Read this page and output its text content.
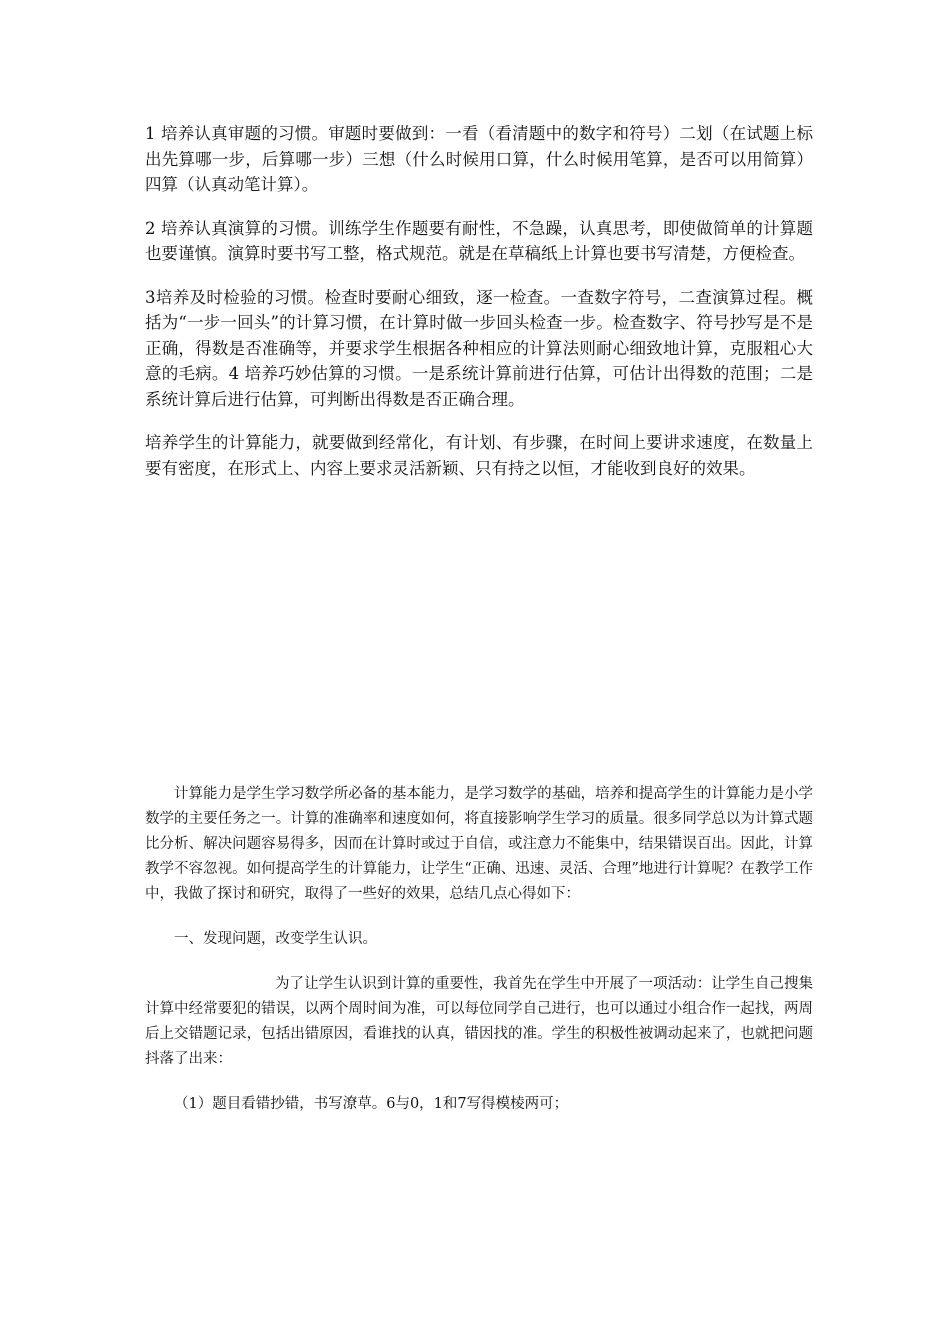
1 培养认真审题的习惯。审题时要做到：一看（看清题中的数字和符号）二划（在试题上标出先算哪一步，后算哪一步）三想（什么时候用口算，什么时候用笔算，是否可以用简算）四算（认真动笔计算）。

2 培养认真演算的习惯。训练学生作题要有耐性，不急躁，认真思考，即使做简单的计算题也要谨慎。演算时要书写工整，格式规范。就是在草稿纸上计算也要书写清楚，方便检查。

3培养及时检验的习惯。检查时要耐心细致，逐一检查。一查数字符号，二查演算过程。概括为“一步一回头”的计算习惯，在计算时做一步回头检查一步。检查数字、符号抄写是不是正确，得数是否准确等，并要求学生根据各种相应的计算法则耐心细致地计算，克服粗心大意的毛病。4 培养巧妙估算的习惯。一是系统计算前进行估算，可估计出得数的范围；二是系统计算后进行估算，可判断出得数是否正确合理。

培养学生的计算能力，就要做到经常化，有计划、有步骤，在时间上要讲求速度，在数量上要有密度，在形式上、内容上要求灵活新颖、只有持之以恒，才能收到良好的效果。

计算能力是学生学习数学所必备的基本能力，是学习数学的基础，培养和提高学生的计算能力是小学数学的主要任务之一。计算的准确率和速度如何，将直接影响学生学习的质量。很多同学总以为计算式题比分析、解决问题容易得多，因而在计算时或过于自信，或注意力不能集中，结果错误百出。因此，计算教学不容忽视。如何提高学生的计算能力，让学生“正确、迅速、灵活、合理”地进行计算呢？在教学工作中，我做了探讨和研究，取得了一些好的效果，总结几点心得如下：

一、发现问题，改变学生认识。

为了让学生认识到计算的重要性，我首先在学生中开展了一项活动：让学生自己搜集计算中经常要犯的错误，以两个周时间为准，可以每位同学自己进行，也可以通过小组合作一起找，两周后上交错题记录，包括出错原因，看谁找的认真，错因找的准。学生的积极性被调动起来了，也就把问题抖落了出来：

（1）题目看错抄错，书写潦草。6与0，1和7写得模棱两可；
